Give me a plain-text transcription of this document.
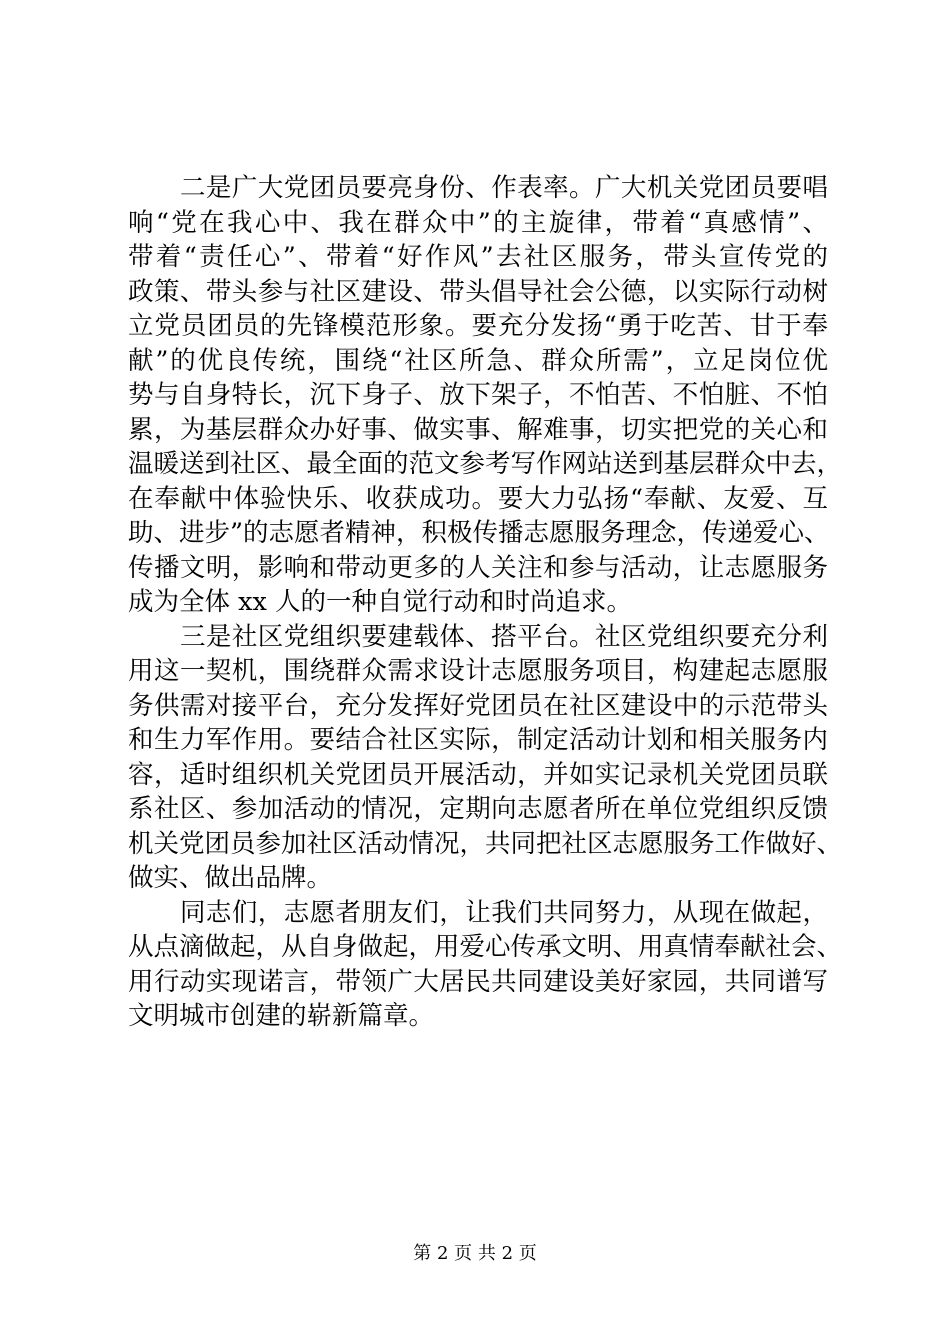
二是广大党团员要亮身份、作表率。广大机关党团员要唱
响“党在我心中、我在群众中”的主旋律，带着“真感情”、
带着“责任心”、带着“好作风”去社区服务，带头宣传党的
政策、带头参与社区建设、带头倡导社会公德，以实际行动树
立党员团员的先锋模范形象。要充分发扬“勇于吃苦、甘于奉
献”的优良传统，围绕“社区所急、群众所需”，立足岗位优
势与自身特长，沉下身子、放下架子，不怕苦、不怕脏、不怕
累，为基层群众办好事、做实事、解难事，切实把党的关心和
温暖送到社区、最全面的范文参考写作网站送到基层群众中去，
在奉献中体验快乐、收获成功。要大力弘扬“奉献、友爱、互
助、进步”的志愿者精神，积极传播志愿服务理念，传递爱心、
传播文明，影响和带动更多的人关注和参与活动，让志愿服务
成为全体 xx 人的一种自觉行动和时尚追求。
三是社区党组织要建载体、搭平台。社区党组织要充分利
用这一契机，围绕群众需求设计志愿服务项目，构建起志愿服
务供需对接平台，充分发挥好党团员在社区建设中的示范带头
和生力军作用。要结合社区实际，制定活动计划和相关服务内
容，适时组织机关党团员开展活动，并如实记录机关党团员联
系社区、参加活动的情况，定期向志愿者所在单位党组织反馈
机关党团员参加社区活动情况，共同把社区志愿服务工作做好、
做实、做出品牌。
同志们，志愿者朋友们，让我们共同努力，从现在做起，
从点滴做起，从自身做起，用爱心传承文明、用真情奉献社会、
用行动实现诺言，带领广大居民共同建设美好家园，共同谱写
文明城市创建的崭新篇章。
第 2 页 共 2 页
